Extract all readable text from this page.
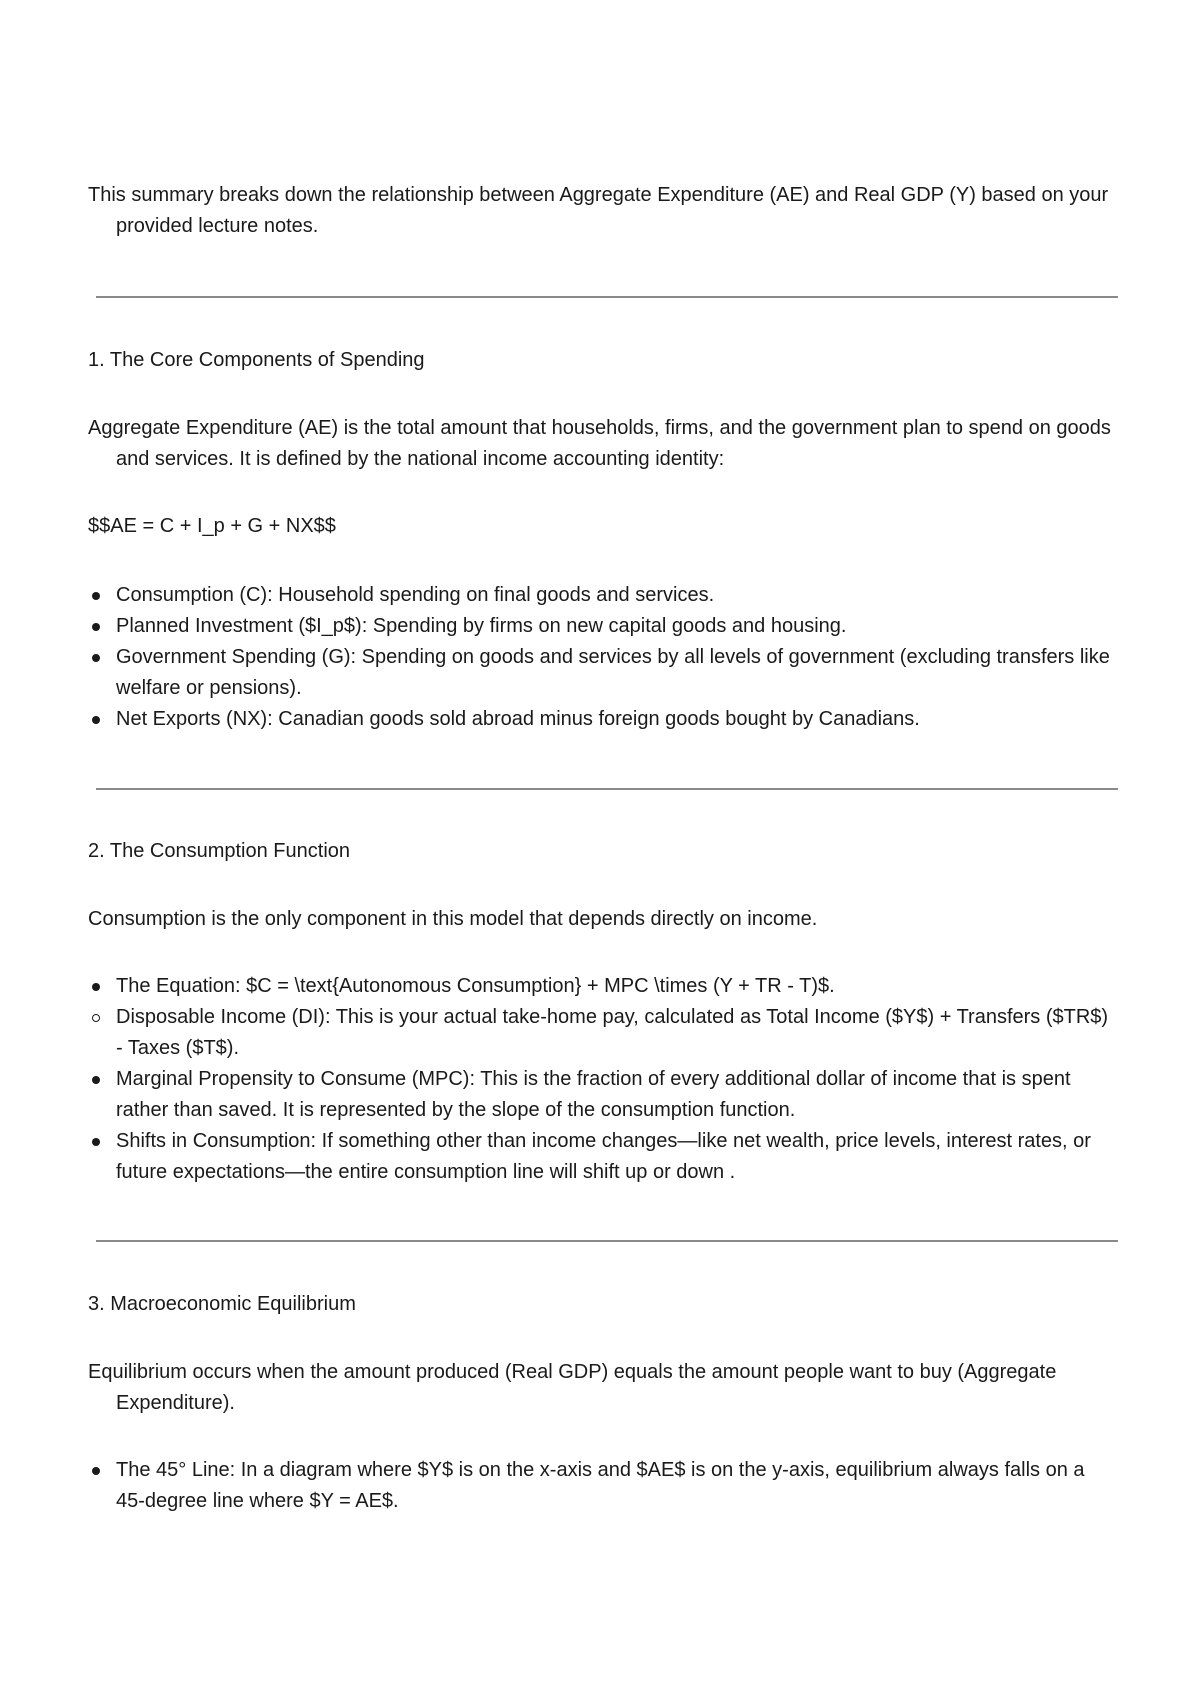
This summary breaks down the relationship between Aggregate Expenditure (AE) and Real GDP (Y) based on your provided lecture notes.

1. The Core Components of Spending

Aggregate Expenditure (AE) is the total amount that households, firms, and the government plan to spend on goods and services. It is defined by the national income accounting identity:

$$AE = C + I_p + G + NX$$

Consumption (C): Household spending on final goods and services.
Planned Investment ($I_p$): Spending by firms on new capital goods and housing.
Government Spending (G): Spending on goods and services by all levels of government (excluding transfers like welfare or pensions).
Net Exports (NX): Canadian goods sold abroad minus foreign goods bought by Canadians.

2. The Consumption Function

Consumption is the only component in this model that depends directly on income.

The Equation: $C = \text{Autonomous Consumption} + MPC \times (Y + TR - T)$.
Disposable Income (DI): This is your actual take-home pay, calculated as Total Income ($Y$) + Transfers ($TR$) - Taxes ($T$).
Marginal Propensity to Consume (MPC): This is the fraction of every additional dollar of income that is spent rather than saved. It is represented by the slope of the consumption function.
Shifts in Consumption: If something other than income changes—like net wealth, price levels, interest rates, or future expectations—the entire consumption line will shift up or down .

3. Macroeconomic Equilibrium

Equilibrium occurs when the amount produced (Real GDP) equals the amount people want to buy (Aggregate Expenditure).

The 45° Line: In a diagram where $Y$ is on the x-axis and $AE$ is on the y-axis, equilibrium always falls on a 45-degree line where $Y = AE$.
